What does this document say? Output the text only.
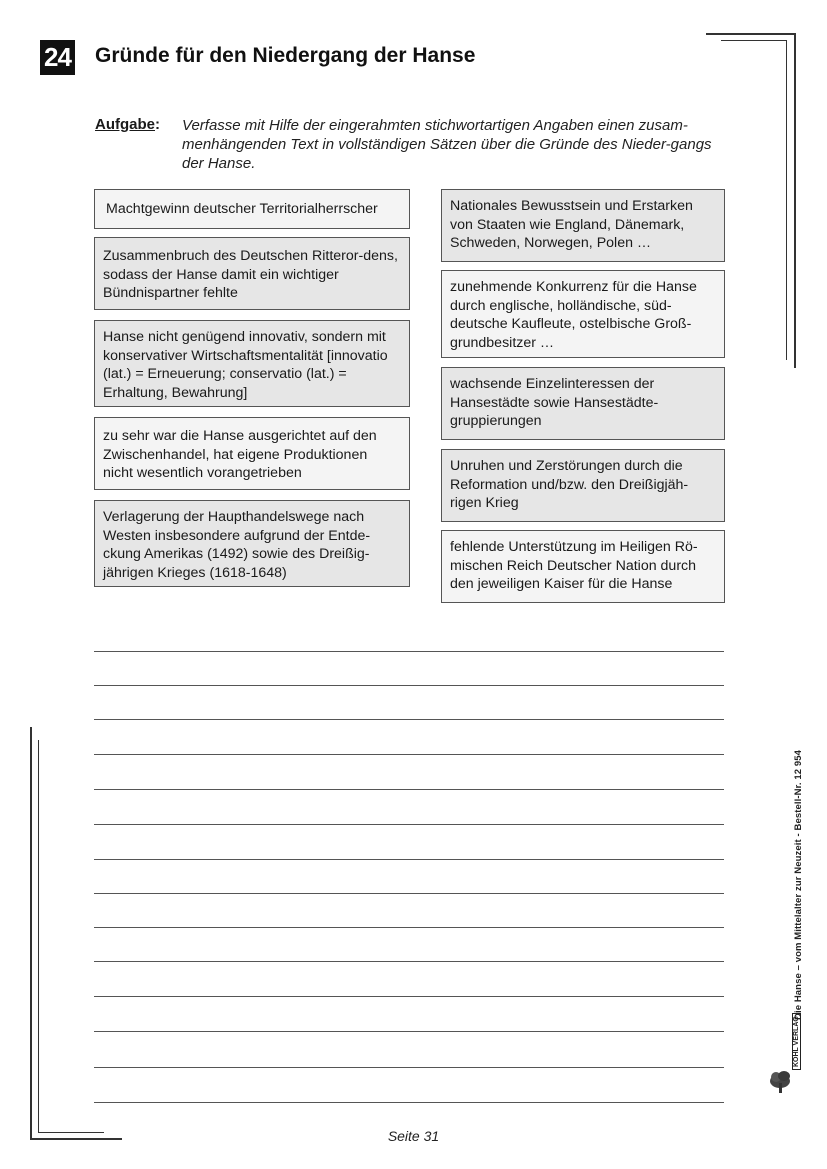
24 Gründe für den Niedergang der Hanse
Aufgabe: Verfasse mit Hilfe der eingerahmten stichwortartigen Angaben einen zusam-menhängenden Text in vollständigen Sätzen über die Gründe des Nieder-gangs der Hanse.
Machtgewinn deutscher Territorialherrscher
Zusammenbruch des Deutschen Ritteror-dens, sodass der Hanse damit ein wichtiger Bündnispartner fehlte
Hanse nicht genügend innovativ, sondern mit konservativer Wirtschaftsmentalität [innovatio (lat.) = Erneuerung; conservatio (lat.) = Erhaltung, Bewahrung]
zu sehr war die Hanse ausgerichtet auf den Zwischenhandel, hat eigene Produktionen nicht wesentlich vorangetrieben
Verlagerung der Haupthandelswege nach Westen insbesondere aufgrund der Entde-ckung Amerikas (1492) sowie des Dreißig-jährigen Krieges (1618-1648)
Nationales Bewusstsein und Erstarken von Staaten wie England, Dänemark, Schweden, Norwegen, Polen …
zunehmende Konkurrenz für die Hanse durch englische, holländische, süd-deutsche Kaufleute, ostelbische Groß-grundbesitzer …
wachsende Einzelinteressen der Hansestädte sowie Hansestädte-gruppierungen
Unruhen und Zerstörungen durch die Reformation und/bzw. den Dreißigjäh-rigen Krieg
fehlende Unterstützung im Heiligen Rö-mischen Reich Deutscher Nation durch den jeweiligen Kaiser für die Hanse
Die Hanse – vom Mittelalter zur Neuzeit - Bestell-Nr. 12 954
KOHL VERLAG
Seite 31
